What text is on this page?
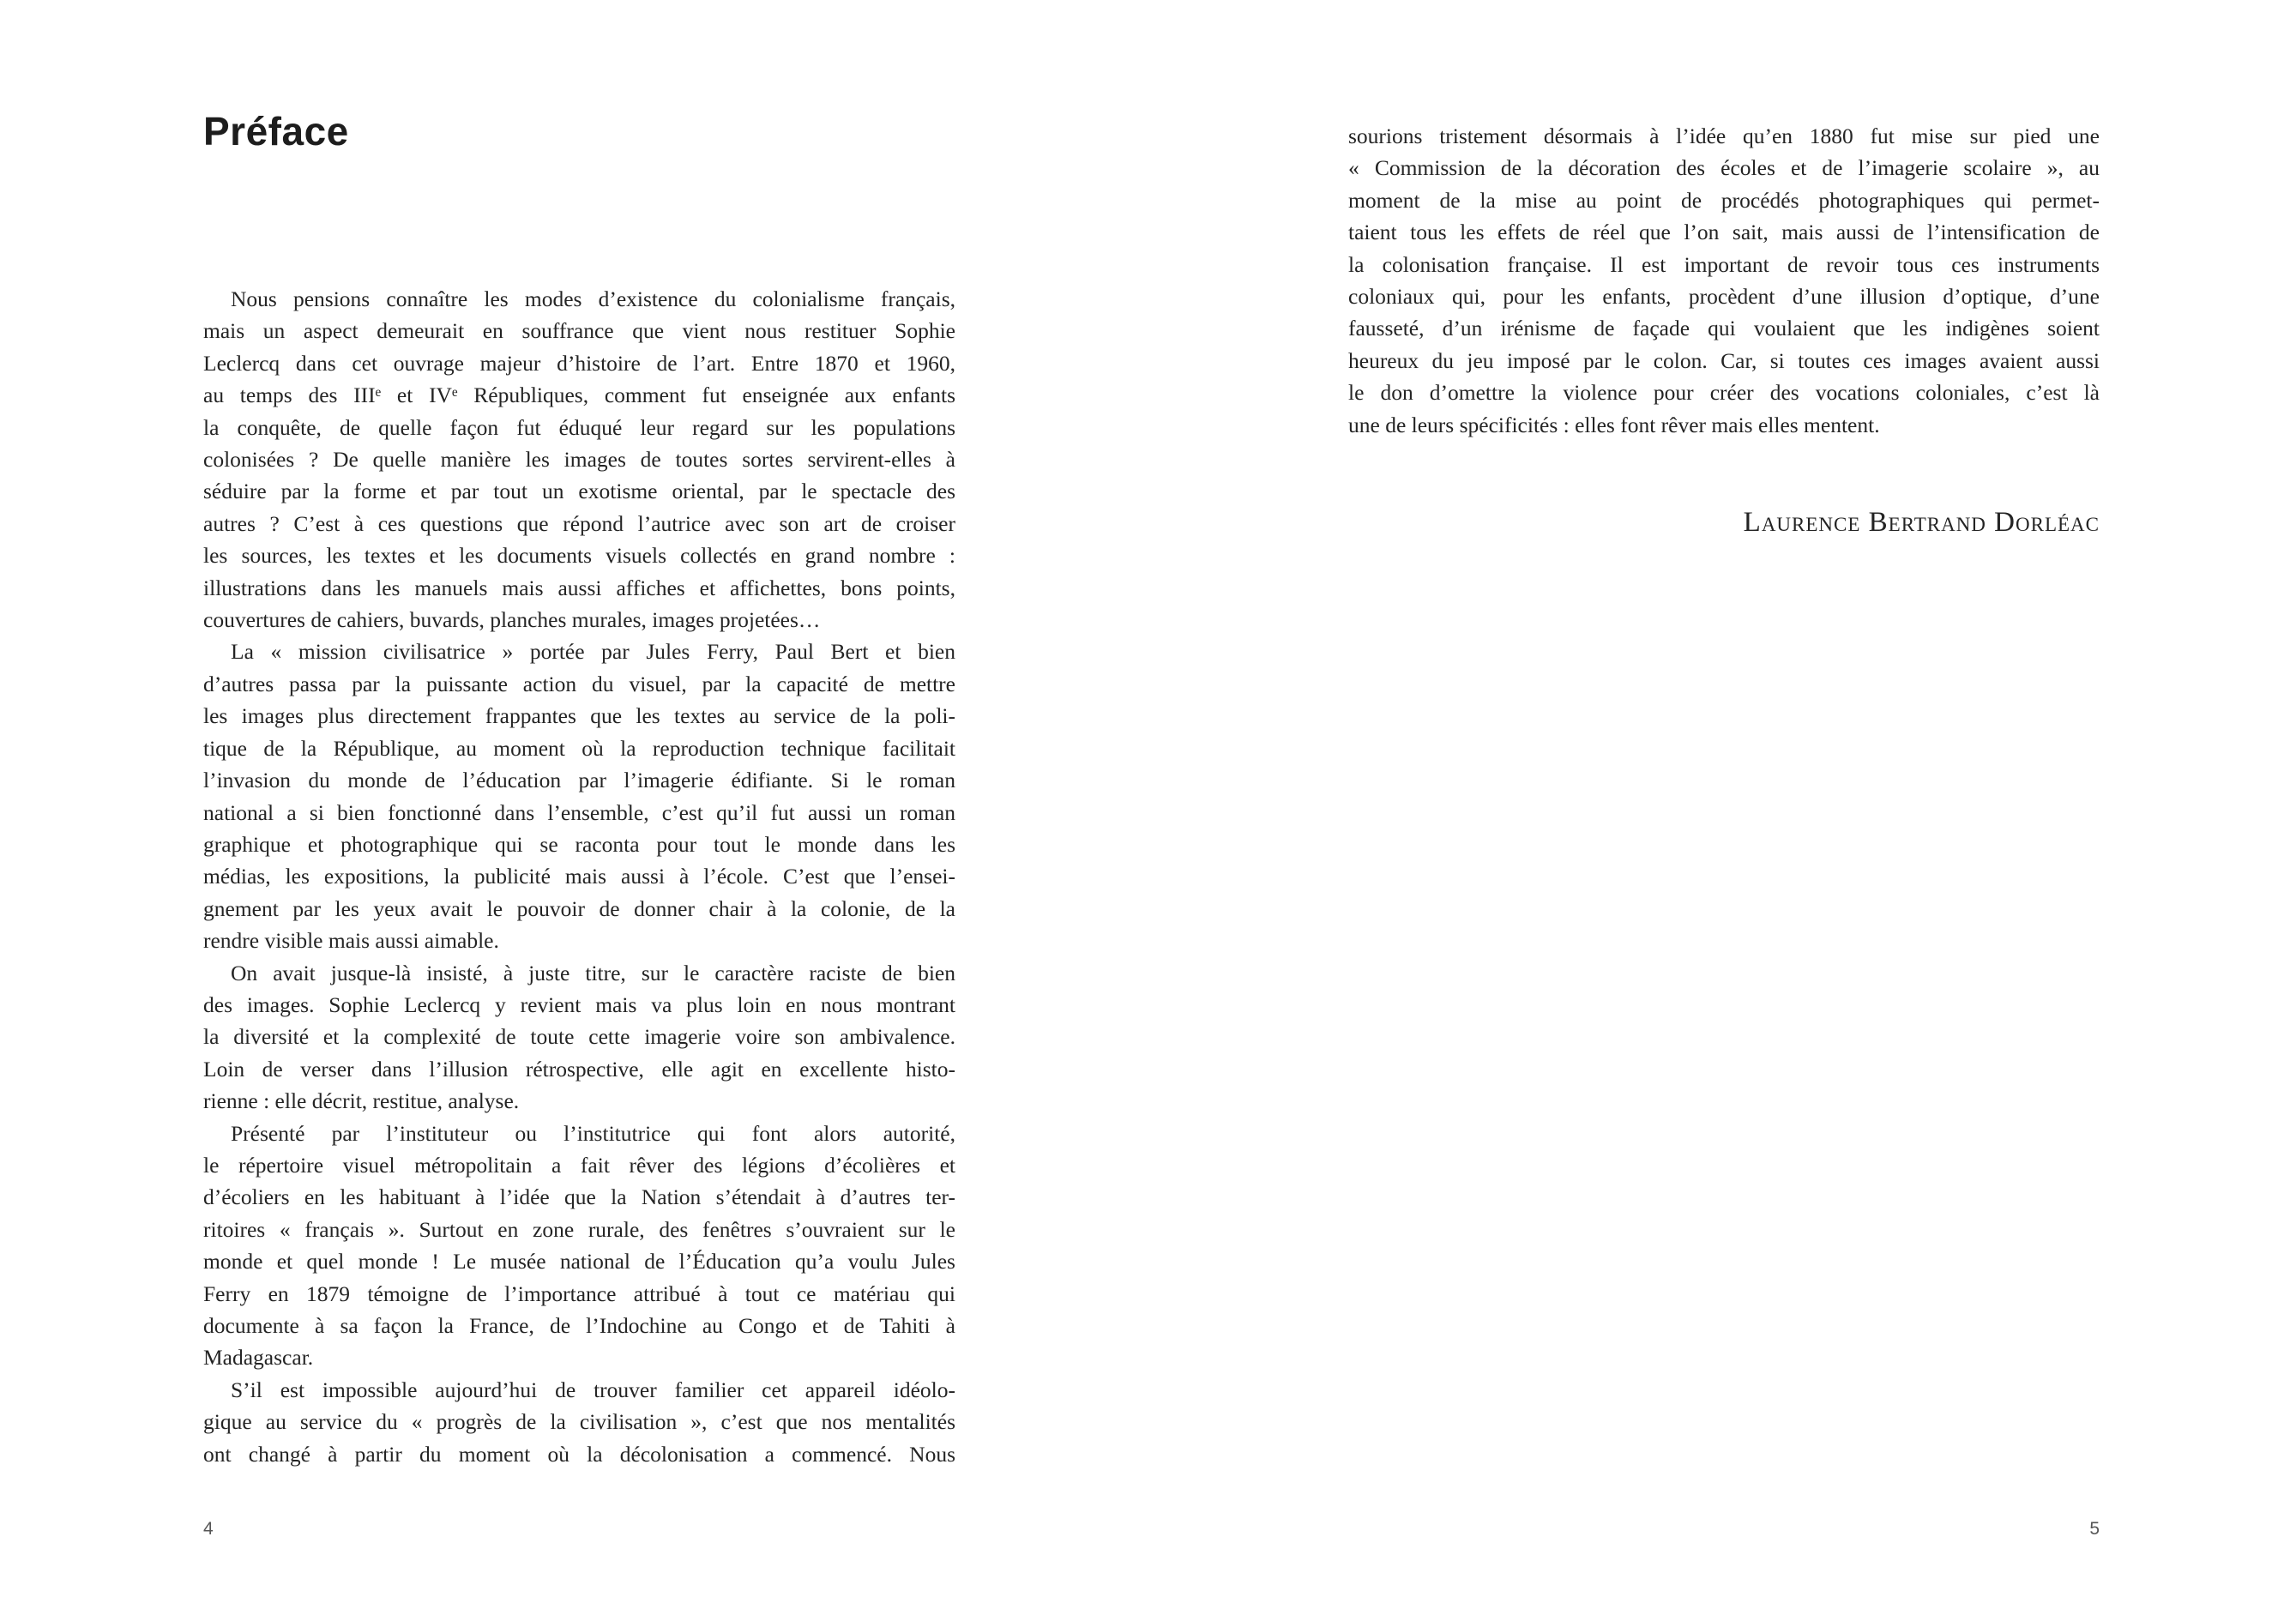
Préface
Nous pensions connaître les modes d’existence du colonialisme français,
mais un aspect demeurait en souffrance que vient nous restituer Sophie
Leclercq dans cet ouvrage majeur d’histoire de l’art. Entre 1870 et 1960,
au temps des IIIᵉ et IVᵉ Républiques, comment fut enseignée aux enfants
la conquête, de quelle façon fut éduqué leur regard sur les populations
colonisées ? De quelle manière les images de toutes sortes servirent-elles à
séduire par la forme et par tout un exotisme oriental, par le spectacle des
autres ? C’est à ces questions que répond l’autrice avec son art de croiser
les sources, les textes et les documents visuels collectés en grand nombre :
illustrations dans les manuels mais aussi affiches et affichettes, bons points,
couvertures de cahiers, buvards, planches murales, images projetées…
La « mission civilisatrice » portée par Jules Ferry, Paul Bert et bien
d’autres passa par la puissante action du visuel, par la capacité de mettre
les images plus directement frappantes que les textes au service de la poli-
tique de la République, au moment où la reproduction technique facilitait
l’invasion du monde de l’éducation par l’imagerie édifiante. Si le roman
national a si bien fonctionné dans l’ensemble, c’est qu’il fut aussi un roman
graphique et photographique qui se raconta pour tout le monde dans les
médias, les expositions, la publicité mais aussi à l’école. C’est que l’ensei-
gnement par les yeux avait le pouvoir de donner chair à la colonie, de la
rendre visible mais aussi aimable.
On avait jusque-là insisté, à juste titre, sur le caractère raciste de bien
des images. Sophie Leclercq y revient mais va plus loin en nous montrant
la diversité et la complexité de toute cette imagerie voire son ambivalence.
Loin de verser dans l’illusion rétrospective, elle agit en excellente histo-
rienne : elle décrit, restitue, analyse.
Présenté par l’instituteur ou l’institutrice qui font alors autorité,
le répertoire visuel métropolitain a fait rêver des légions d’écolières et
d’écoliers en les habituant à l’idée que la Nation s’étendait à d’autres ter-
ritoires « français ». Surtout en zone rurale, des fenêtres s’ouvraient sur le
monde et quel monde ! Le musée national de l’Éducation qu’a voulu Jules
Ferry en 1879 témoigne de l’importance attribué à tout ce matériau qui
documente à sa façon la France, de l’Indochine au Congo et de Tahiti à
Madagascar.
S’il est impossible aujourd’hui de trouver familier cet appareil idéolo-
gique au service du « progrès de la civilisation », c’est que nos mentalités
ont changé à partir du moment où la décolonisation a commencé. Nous
4
sourions tristement désormais à l’idée qu’en 1880 fut mise sur pied une
« Commission de la décoration des écoles et de l’imagerie scolaire », au
moment de la mise au point de procédés photographiques qui permet-
taient tous les effets de réel que l’on sait, mais aussi de l’intensification de
la colonisation française. Il est important de revoir tous ces instruments
coloniaux qui, pour les enfants, procèdent d’une illusion d’optique, d’une
fausseté, d’un irénisme de façade qui voulaient que les indigènes soient
heureux du jeu imposé par le colon. Car, si toutes ces images avaient aussi
le don d’omettre la violence pour créer des vocations coloniales, c’est là
une de leurs spécificités : elles font rêver mais elles mentent.
Laurence Bertrand Dorléac
5
